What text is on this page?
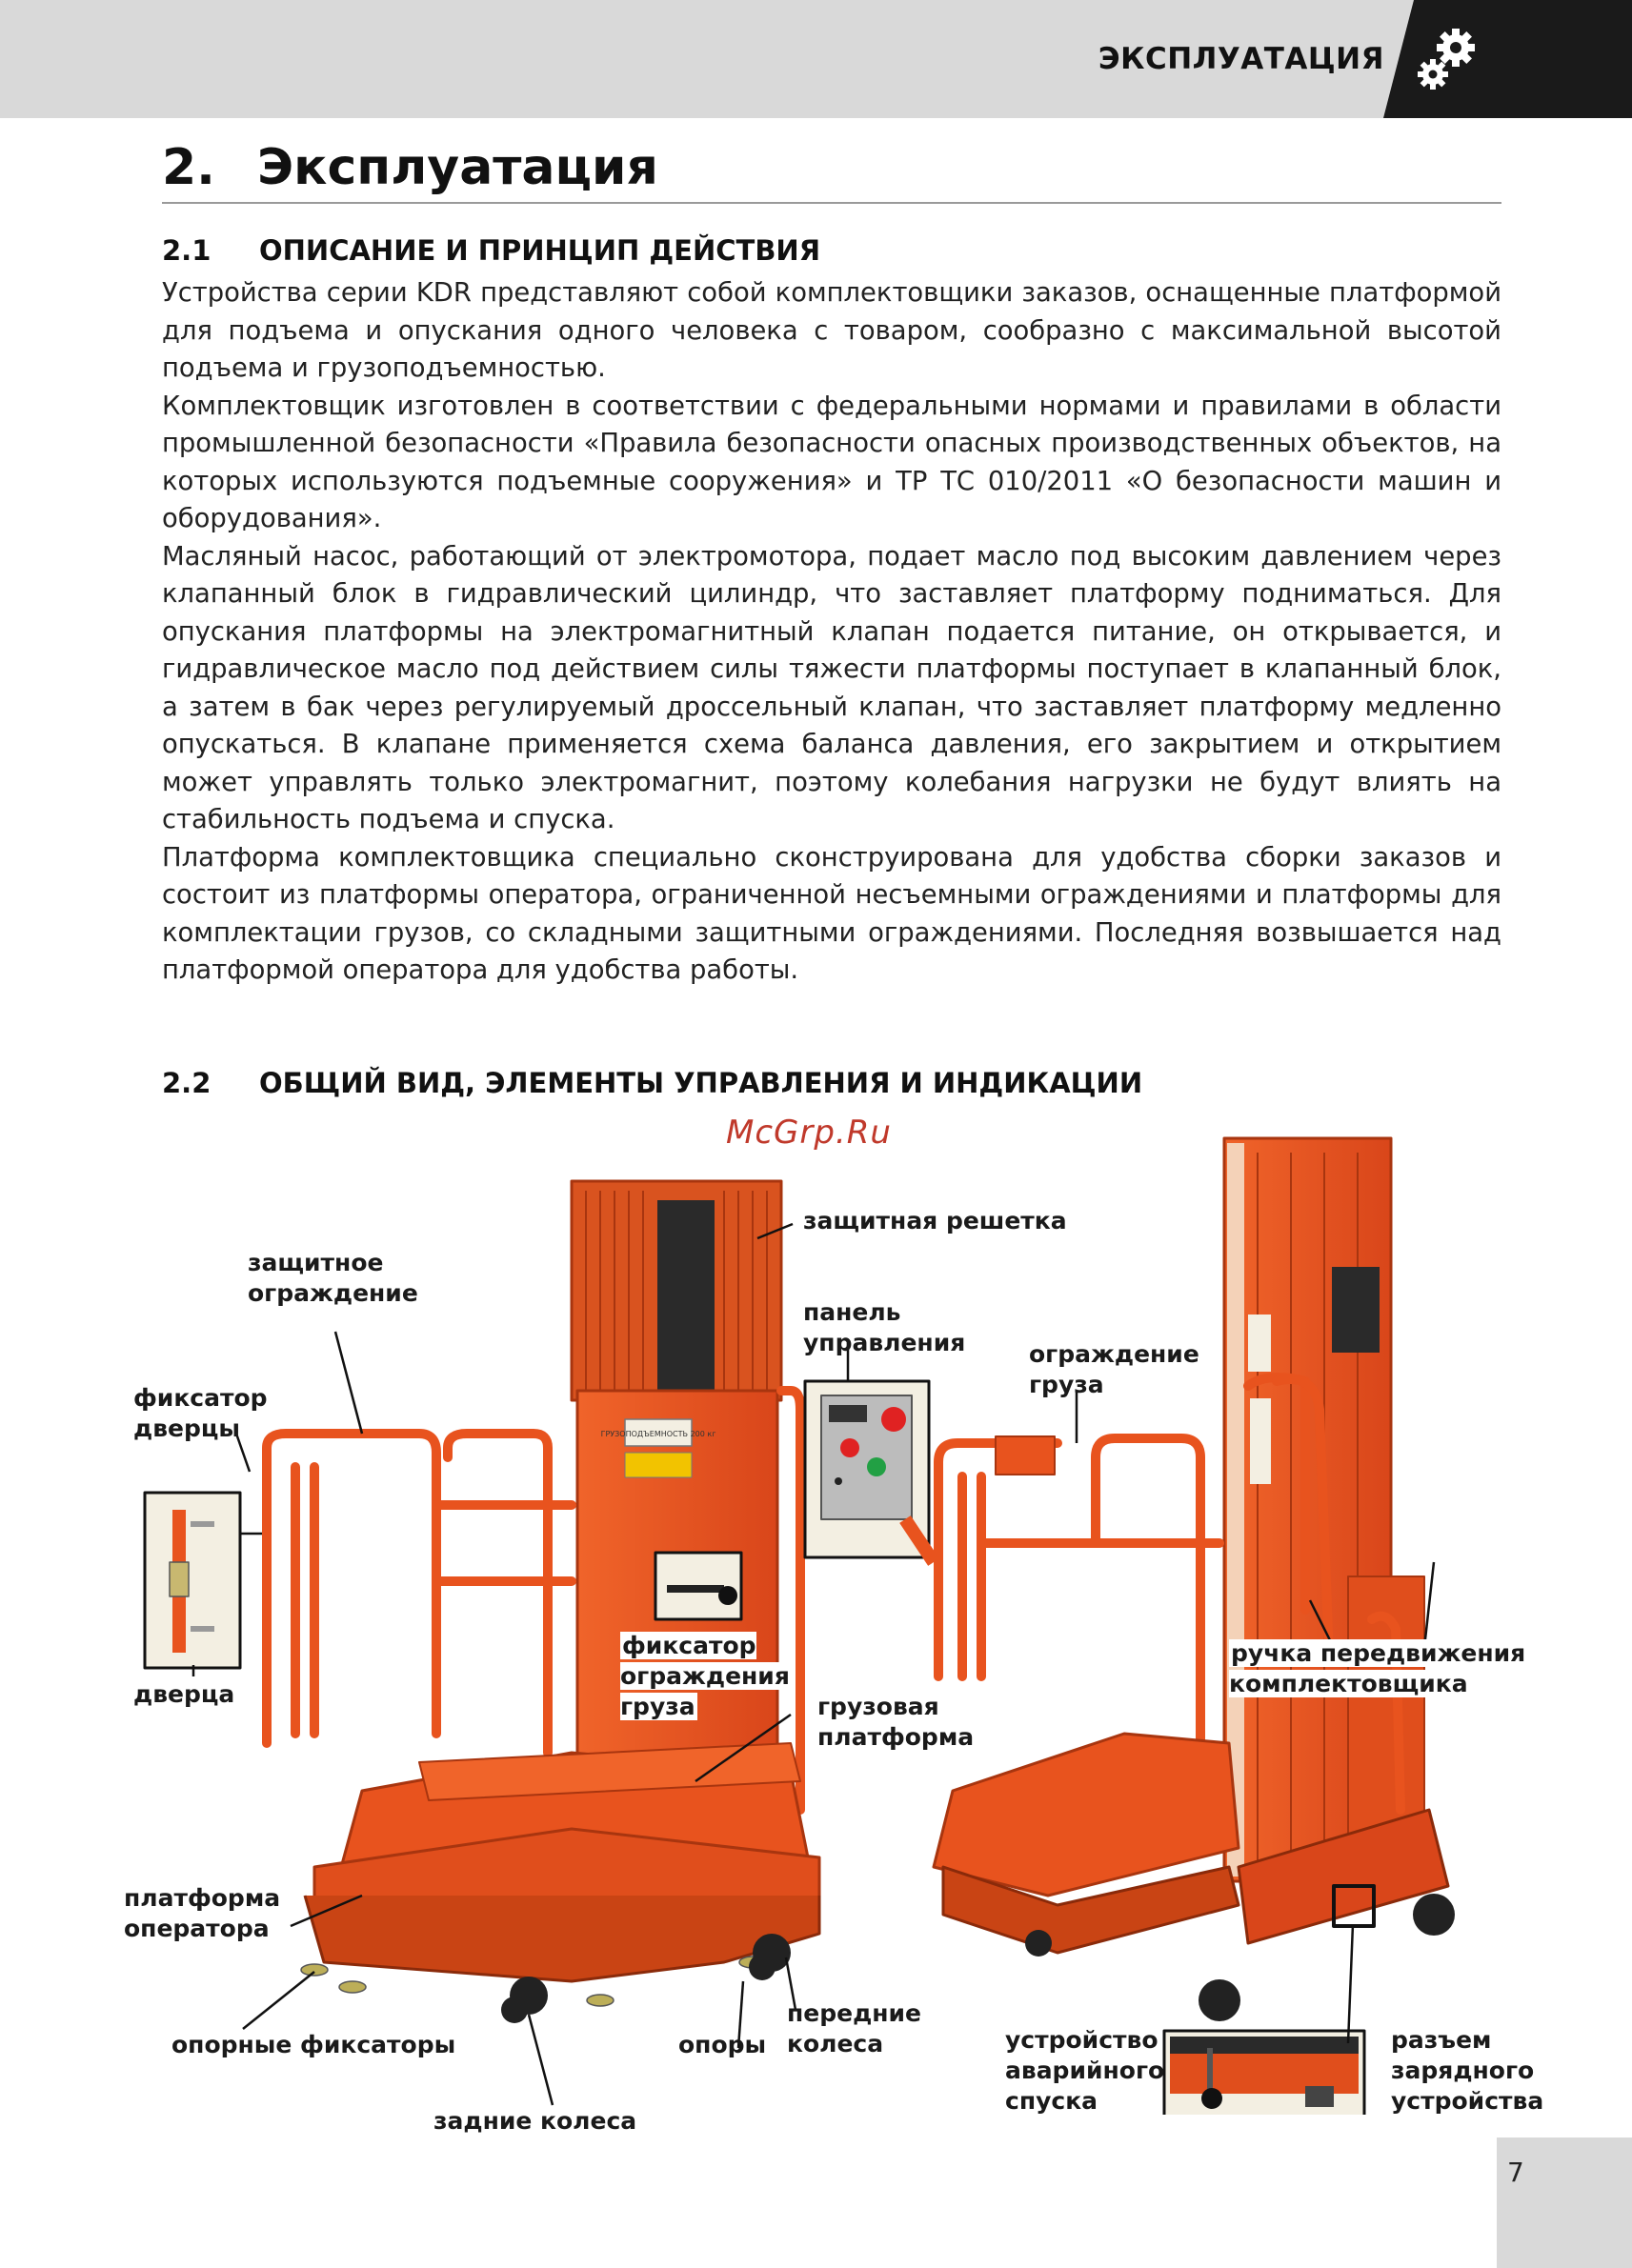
ЭКСПЛУАТАЦИЯ
2. Эксплуатация
2.1 ОПИСАНИЕ И ПРИНЦИП ДЕЙСТВИЯ

Устройства серии KDR представляют собой комплектовщики заказов, оснащенные платформой для подъема и опускания одного человека с товаром, сообразно с максимальной высотой подъема и грузоподъемностью.

Комплектовщик изготовлен в соответствии с федеральными нормами и правилами в области промышленной безопасности «Правила безопасности опасных производственных объектов, на которых используются подъемные сооружения» и ТР ТС 010/2011 «О безопасности машин и оборудования».

Масляный насос, работающий от электромотора, подает масло под высоким давлением через клапанный блок в гидравлический цилиндр, что заставляет платформу подниматься. Для опускания платформы на электромагнитный клапан подается питание, он открывается, и гидравлическое масло под действием силы тяжести платформы поступает в клапанный блок, а затем в бак через регулируемый дроссельный клапан, что заставляет платформу медленно опускаться. В клапане применяется схема баланса давления, его закрытием и открытием может управлять только электромагнит, поэтому колебания нагрузки не будут влиять на стабильность подъема и спуска.

Платформа комплектовщика специально сконструирована для удобства сборки заказов и состоит из платформы оператора, ограниченной несъемными ограждениями и платформы для комплектации грузов, со складными защитными ограждениями. Последняя возвышается над платформой оператора для удобства работы.

2.2 ОБЩИЙ ВИД, ЭЛЕМЕНТЫ УПРАВЛЕНИЯ И ИНДИКАЦИИ
ГРУЗОПОДЪЕМНОСТЬ 200 кг
McGrp.Ru
защитная решетка
защитное
ограждение
панель
управления	ограждение
груза
фиксатор
дверцы
дверца
фиксатор
ограждения
груза	грузовая
платформа
ручка передвижения
комплектовщика
платформа
оператора
опорные фиксаторы	опоры
передние
колеса
задние колеса
устройство
аварийного
спуска
разъем
зарядного
устройства
7
